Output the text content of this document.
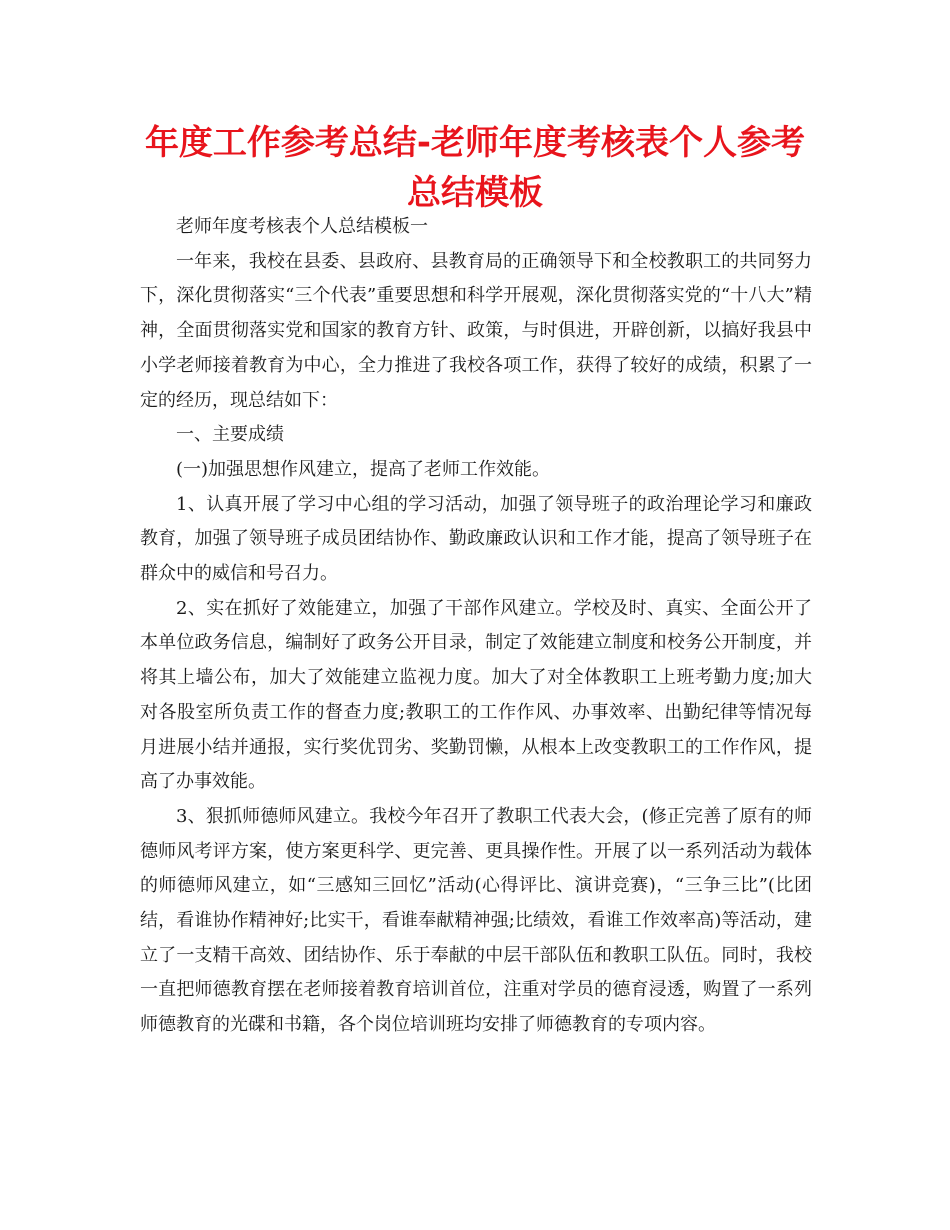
年度工作参考总结-老师年度考核表个人参考总结模板

老师年度考核表个人总结模板一

一年来，我校在县委、县政府、县教育局的正确领导下和全校教职工的共同努力下，深化贯彻落实“三个代表”重要思想和科学开展观，深化贯彻落实党的“十八大”精神，全面贯彻落实党和国家的教育方针、政策，与时俱进，开辟创新，以搞好我县中小学老师接着教育为中心，全力推进了我校各项工作，获得了较好的成绩，积累了一定的经历，现总结如下：

一、主要成绩

(一)加强思想作风建立，提高了老师工作效能。

1、认真开展了学习中心组的学习活动，加强了领导班子的政治理论学习和廉政教育，加强了领导班子成员团结协作、勤政廉政认识和工作才能，提高了领导班子在群众中的威信和号召力。

2、实在抓好了效能建立，加强了干部作风建立。学校及时、真实、全面公开了本单位政务信息，编制好了政务公开目录，制定了效能建立制度和校务公开制度，并将其上墙公布，加大了效能建立监视力度。加大了对全体教职工上班考勤力度;加大对各股室所负责工作的督查力度;教职工的工作作风、办事效率、出勤纪律等情况每月进展小结并通报，实行奖优罚劣、奖勤罚懒，从根本上改变教职工的工作作风，提高了办事效能。

3、狠抓师德师风建立。我校今年召开了教职工代表大会，(修正完善了原有的师德师风考评方案，使方案更科学、更完善、更具操作性。开展了以一系列活动为载体的师德师风建立，如“三感知三回忆”活动(心得评比、演讲竞赛)，“三争三比”(比团结，看谁协作精神好;比实干，看谁奉献精神强;比绩效，看谁工作效率高)等活动，建立了一支精干高效、团结协作、乐于奉献的中层干部队伍和教职工队伍。同时，我校一直把师德教育摆在老师接着教育培训首位，注重对学员的德育浸透，购置了一系列师德教育的光碟和书籍，各个岗位培训班均安排了师德教育的专项内容。
